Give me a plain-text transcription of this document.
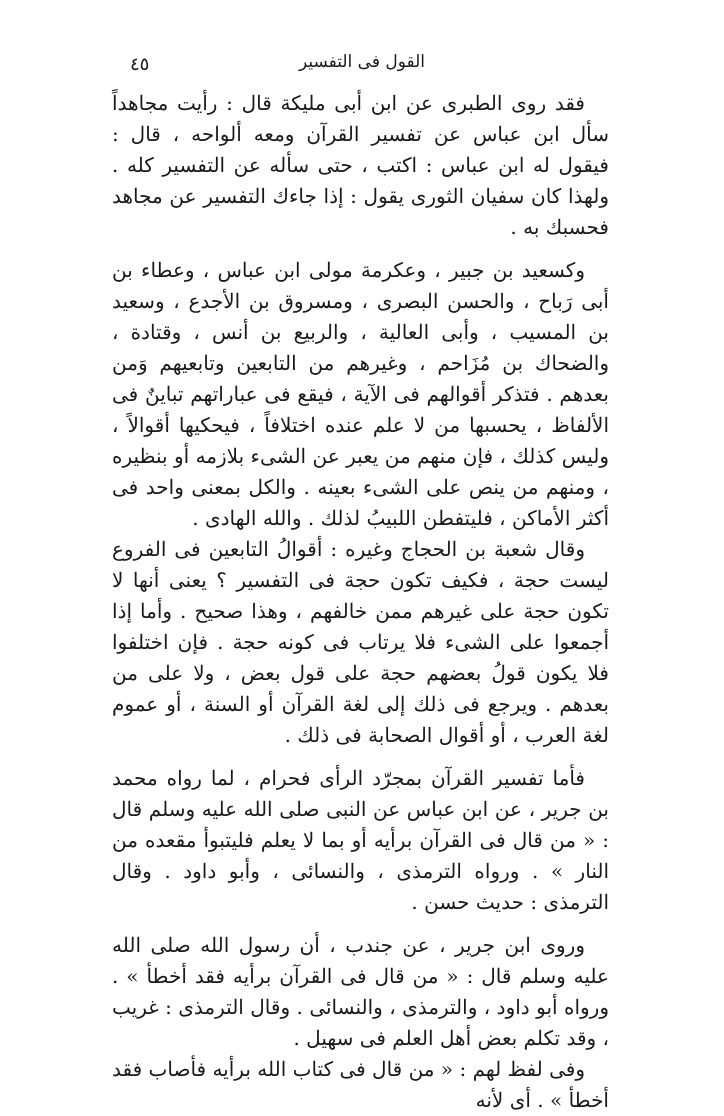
القول فى التفسير
٤٥

فقد روى الطبرى عن ابن أبى مليكة قال : رأيت مجاهداً سأل ابن عباس عن تفسير القرآن ومعه ألواحه ، قال : فيقول له ابن عباس : اكتب ، حتى سأله عن التفسير كله . ولهذا كان سفيان الثورى يقول : إذا جاءك التفسير عن مجاهد فحسبك به .

وكسعيد بن جبير ، وعكرمة مولى ابن عباس ، وعطاء بن أبى رَباح ، والحسن البصرى ، ومسروق بن الأجدع ، وسعيد بن المسيب ، وأبى العالية ، والربيع بن أنس ، وقتادة ، والضحاك بن مُزَاحم ، وغيرهم من التابعين وتابعيهم وَمن بعدهم . فتذكر أقوالهم فى الآية ، فيقع فى عباراتهم تباينٌ فى الألفاظ ، يحسبها من لا علم عنده اختلافاً ، فيحكيها أقوالاً ، وليس كذلك ، فإن منهم من يعبر عن الشىء بلازمه أو بنظيره ، ومنهم من ينص على الشىء بعينه . والكل بمعنى واحد فى أكثر الأماكن ، فليتفطن اللبيبُ لذلك . والله الهادى .

وقال شعبة بن الحجاج وغيره : أقوالُ التابعين فى الفروع ليست حجة ، فكيف تكون حجة فى التفسير ؟ يعنى أنها لا تكون حجة على غيرهم ممن خالفهم ، وهذا صحيح . وأما إذا أجمعوا على الشىء فلا يرتاب فى كونه حجة . فإن اختلفوا فلا يكون قولُ بعضهم حجة على قول بعض ، ولا على من بعدهم . ويرجع فى ذلك إلى لغة القرآن أو السنة ، أو عموم لغة العرب ، أو أقوال الصحابة فى ذلك .

فأما تفسير القرآن بمجرّد الرأى فحرام ، لما رواه محمد بن جرير ، عن ابن عباس عن النبى صلى الله عليه وسلم قال : « من قال فى القرآن برأيه أو بما لا يعلم فليتبوأ مقعده من النار » . ورواه الترمذى ، والنسائى ، وأبو داود . وقال الترمذى : حديث حسن .

وروى ابن جرير ، عن جندب ، أن رسول الله صلى الله عليه وسلم قال : « من قال فى القرآن برأيه فقد أخطأ » . ورواه أبو داود ، والترمذى ، والنسائى . وقال الترمذى : غريب ، وقد تكلم بعض أهل العلم فى سهيل .

وفى لفظ لهم : « من قال فى كتاب الله برأيه فأصاب فقد أخطأ » . أى لأنه
